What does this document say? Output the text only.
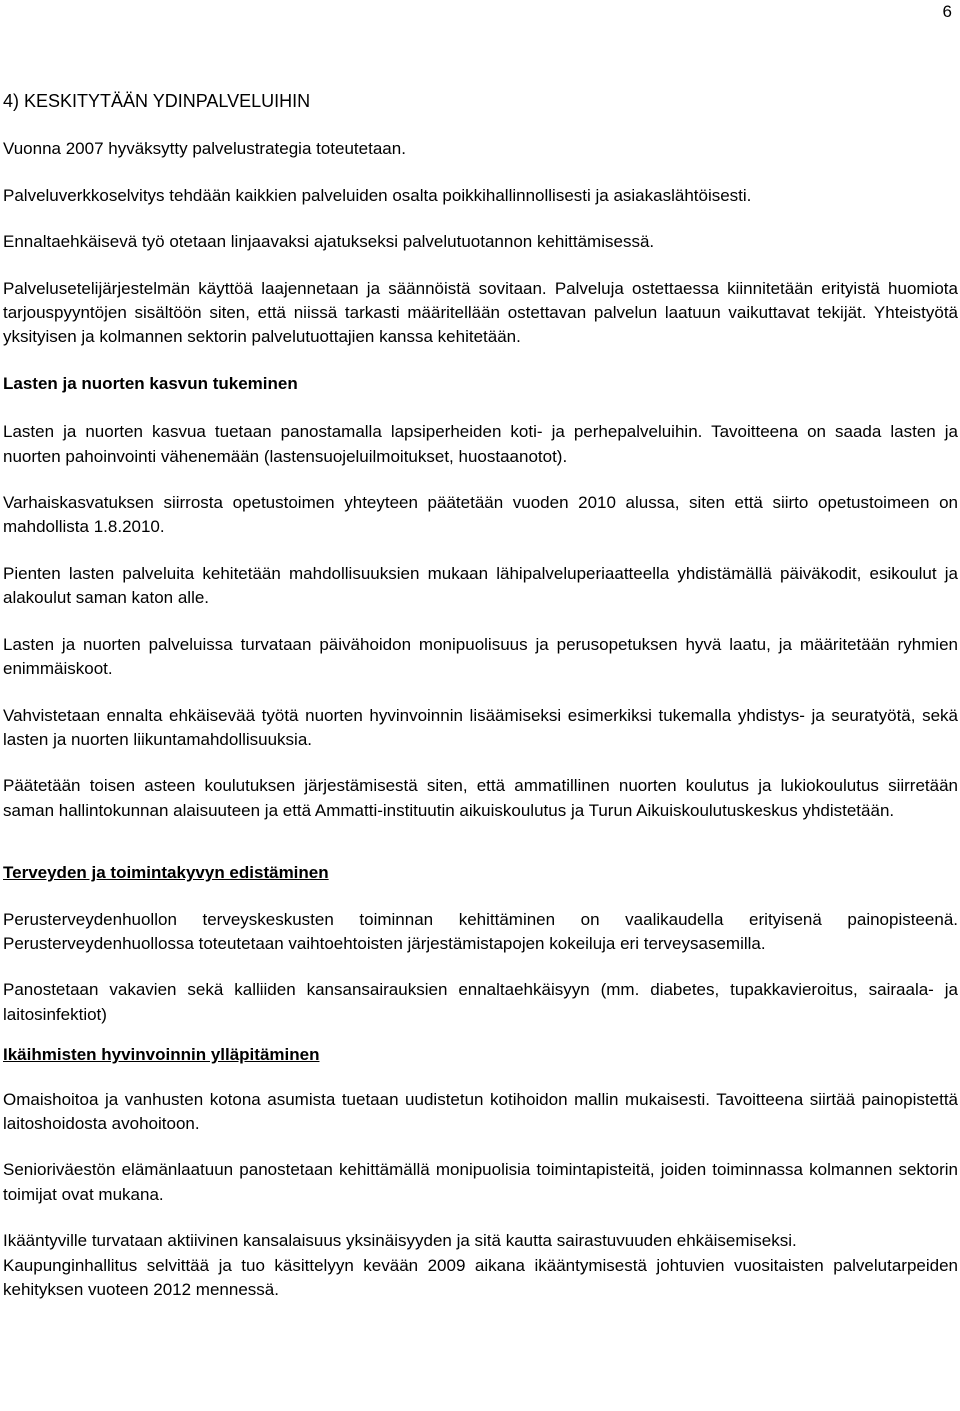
6

4) KESKITYTÄÄN YDINPALVELUIHIN

Vuonna 2007 hyväksytty palvelustrategia toteutetaan.

Palveluverkkoselvitys tehdään kaikkien palveluiden osalta poikkihallinnollisesti ja asiakaslähtöisesti.

Ennaltaehkäisevä työ otetaan linjaavaksi ajatukseksi palvelutuotannon kehittämisessä.

Palvelusetelijärjestelmän käyttöä laajennetaan ja säännöistä sovitaan. Palveluja ostettaessa kiinnitetään erityistä huomiota tarjouspyyntöjen sisältöön siten, että niissä tarkasti määritellään ostettavan palvelun laatuun vaikuttavat tekijät. Yhteistyötä yksityisen ja kolmannen sektorin palvelutuottajien kanssa kehitetään.

Lasten ja nuorten kasvun tukeminen

Lasten ja nuorten kasvua tuetaan panostamalla lapsiperheiden koti- ja perhepalveluihin. Tavoitteena on saada lasten ja nuorten pahoinvointi vähenemään (lastensuojeluilmoitukset, huostaanotot).

Varhaiskasvatuksen siirrosta opetustoimen yhteyteen päätetään vuoden 2010 alussa, siten että siirto opetustoimeen on mahdollista 1.8.2010.

Pienten lasten palveluita kehitetään mahdollisuuksien mukaan lähipalveluperiaatteella yhdistämällä päiväkodit, esikoulut ja alakoulut saman katon alle.

Lasten ja nuorten palveluissa turvataan päivähoidon monipuolisuus ja perusopetuksen hyvä laatu, ja määritetään ryhmien enimmäiskoot.

Vahvistetaan ennalta ehkäisevää työtä nuorten hyvinvoinnin lisäämiseksi esimerkiksi tukemalla yhdistys- ja seuratyötä, sekä lasten ja nuorten liikuntamahdollisuuksia.

Päätetään toisen asteen koulutuksen järjestämisestä siten, että ammatillinen nuorten koulutus ja lukiokoulutus siirretään saman hallintokunnan alaisuuteen ja että Ammatti-instituutin aikuiskoulutus ja Turun Aikuiskoulutuskeskus yhdistetään.

Terveyden ja toimintakyvyn edistäminen

Perusterveydenhuollon terveyskeskusten toiminnan kehittäminen on vaalikaudella erityisenä painopisteenä. Perusterveydenhuollossa toteutetaan vaihtoehtoisten järjestämistapojen kokeiluja eri terveysasemilla.

Panostetaan vakavien sekä kalliiden kansansairauksien ennaltaehkäisyyn (mm. diabetes, tupakkavieroitus, sairaala- ja laitosinfektiot)

Ikäihmisten hyvinvoinnin ylläpitäminen

Omaishoitoa ja vanhusten kotona asumista tuetaan uudistetun kotihoidon mallin mukaisesti. Tavoitteena siirtää painopistettä laitoshoidosta avohoitoon.

Senioriväestön elämänlaatuun panostetaan kehittämällä monipuolisia toimintapisteitä, joiden toiminnassa kolmannen sektorin toimijat ovat mukana.

Ikääntyville turvataan aktiivinen kansalaisuus yksinäisyyden ja sitä kautta sairastuvuuden ehkäisemiseksi.

Kaupunginhallitus selvittää ja tuo käsittelyyn kevään 2009 aikana ikääntymisestä johtuvien vuositaisten palvelutarpeiden kehityksen vuoteen 2012 mennessä.
